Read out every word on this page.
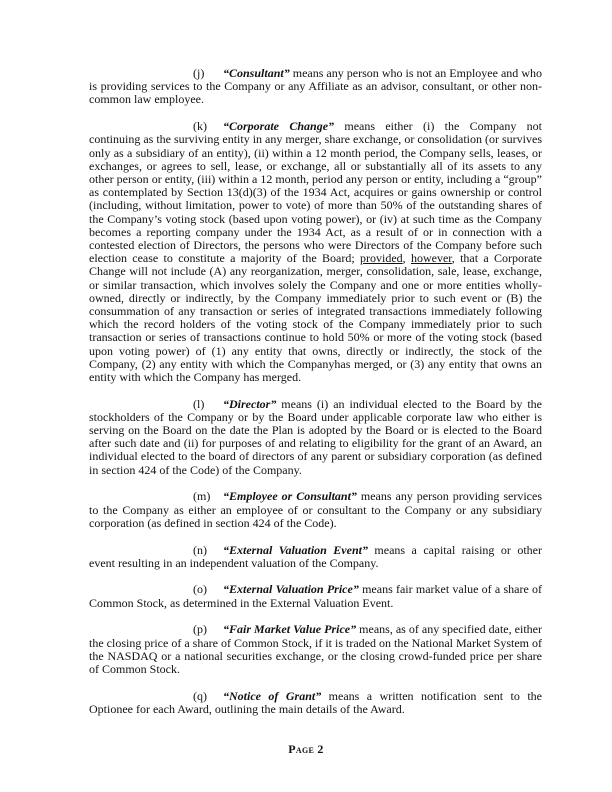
(j) “Consultant” means any person who is not an Employee and who is providing services to the Company or any Affiliate as an advisor, consultant, or other non-common law employee.

(k) “Corporate Change” means either (i) the Company not continuing as the surviving entity in any merger, share exchange, or consolidation (or survives only as a subsidiary of an entity), (ii) within a 12 month period, the Company sells, leases, or exchanges, or agrees to sell, lease, or exchange, all or substantially all of its assets to any other person or entity, (iii) within a 12 month, period any person or entity, including a “group” as contemplated by Section 13(d)(3) of the 1934 Act, acquires or gains ownership or control (including, without limitation, power to vote) of more than 50% of the outstanding shares of the Company’s voting stock (based upon voting power), or (iv) at such time as the Company becomes a reporting company under the 1934 Act, as a result of or in connection with a contested election of Directors, the persons who were Directors of the Company before such election cease to constitute a majority of the Board; provided, however, that a Corporate Change will not include (A) any reorganization, merger, consolidation, sale, lease, exchange, or similar transaction, which involves solely the Company and one or more entities wholly-owned, directly or indirectly, by the Company immediately prior to such event or (B) the consummation of any transaction or series of integrated transactions immediately following which the record holders of the voting stock of the Company immediately prior to such transaction or series of transactions continue to hold 50% or more of the voting stock (based upon voting power) of (1) any entity that owns, directly or indirectly, the stock of the Company, (2) any entity with which the Companyhas merged, or (3) any entity that owns an entity with which the Company has merged.

(l) “Director” means (i) an individual elected to the Board by the stockholders of the Company or by the Board under applicable corporate law who either is serving on the Board on the date the Plan is adopted by the Board or is elected to the Board after such date and (ii) for purposes of and relating to eligibility for the grant of an Award, an individual elected to the board of directors of any parent or subsidiary corporation (as defined in section 424 of the Code) of the Company.

(m) “Employee or Consultant” means any person providing services to the Company as either an employee of or consultant to the Company or any subsidiary corporation (as defined in section 424 of the Code).

(n) “External Valuation Event” means a capital raising or other event resulting in an independent valuation of the Company.

(o) “External Valuation Price” means fair market value of a share of Common Stock, as determined in the External Valuation Event.

(p) “Fair Market Value Price” means, as of any specified date, either the closing price of a share of Common Stock, if it is traded on the National Market System of the NASDAQ or a national securities exchange, or the closing crowd-funded price per share of Common Stock.

(q) “Notice of Grant” means a written notification sent to the Optionee for each Award, outlining the main details of the Award.

Page 2
